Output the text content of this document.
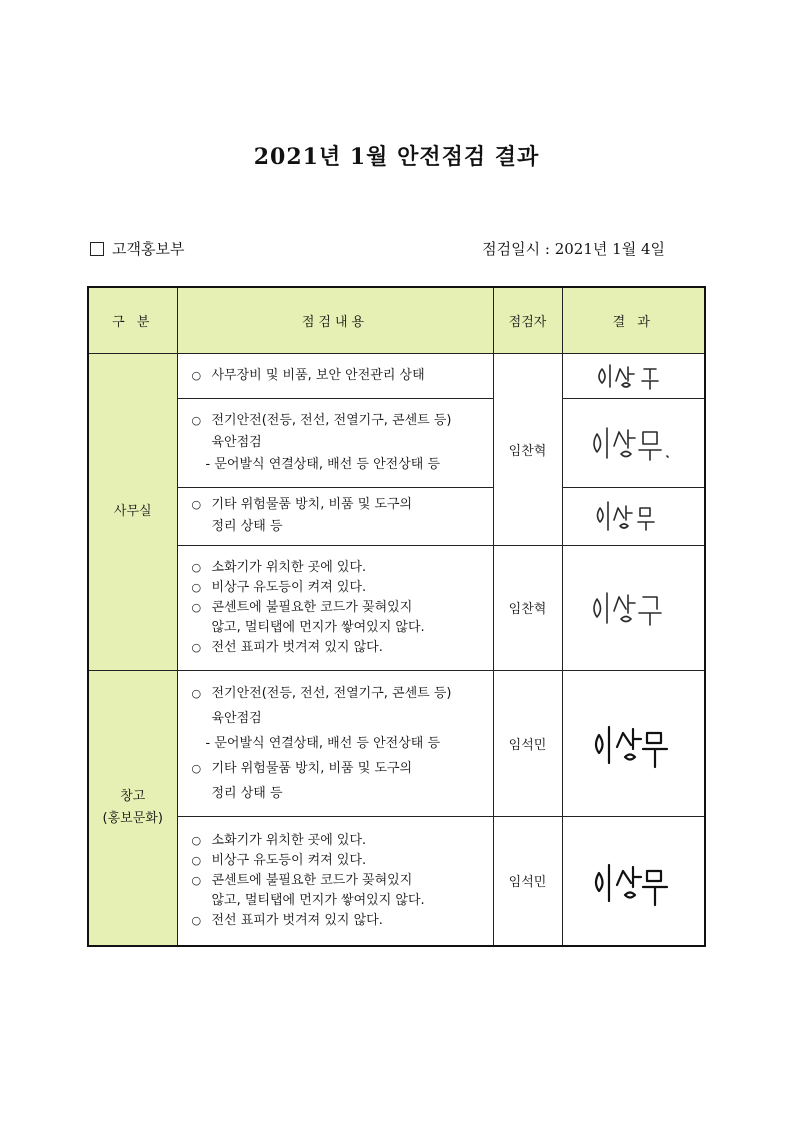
2021년 1월 안전점검 결과
고객홍보부	점검일시 : 2021년 1월 4일
구 분	점검내용	점검자	결 과
사무실	○ 사무장비 및 비품, 보안 안전관리 상태	임찬혁	

	○ 전기안전(전등, 전선, 전열기구, 콘센트 등)
육안점검
- 문어발식 연결상태, 배선 등 안전상태 등

	○ 기타 위험물품 방치, 비품 및 도구의
정리 상태 등

	○ 소화기가 위치한 곳에 있다.
○ 비상구 유도등이 켜져 있다.
○ 콘센트에 불필요한 코드가 꽂혀있지
않고, 멀티탭에 먼지가 쌓여있지 않다.
○ 전선 표피가 벗겨져 있지 않다.	임찬혁	

창고
(홍보문화)	○ 전기안전(전등, 전선, 전열기구, 콘센트 등)
육안점검
- 문어발식 연결상태, 배선 등 안전상태 등
○ 기타 위험물품 방치, 비품 및 도구의
정리 상태 등	임석민	

	○ 소화기가 위치한 곳에 있다.
○ 비상구 유도등이 켜져 있다.
○ 콘센트에 불필요한 코드가 꽂혀있지
않고, 멀티탭에 먼지가 쌓여있지 않다.
○ 전선 표피가 벗겨져 있지 않다.	임석민	
